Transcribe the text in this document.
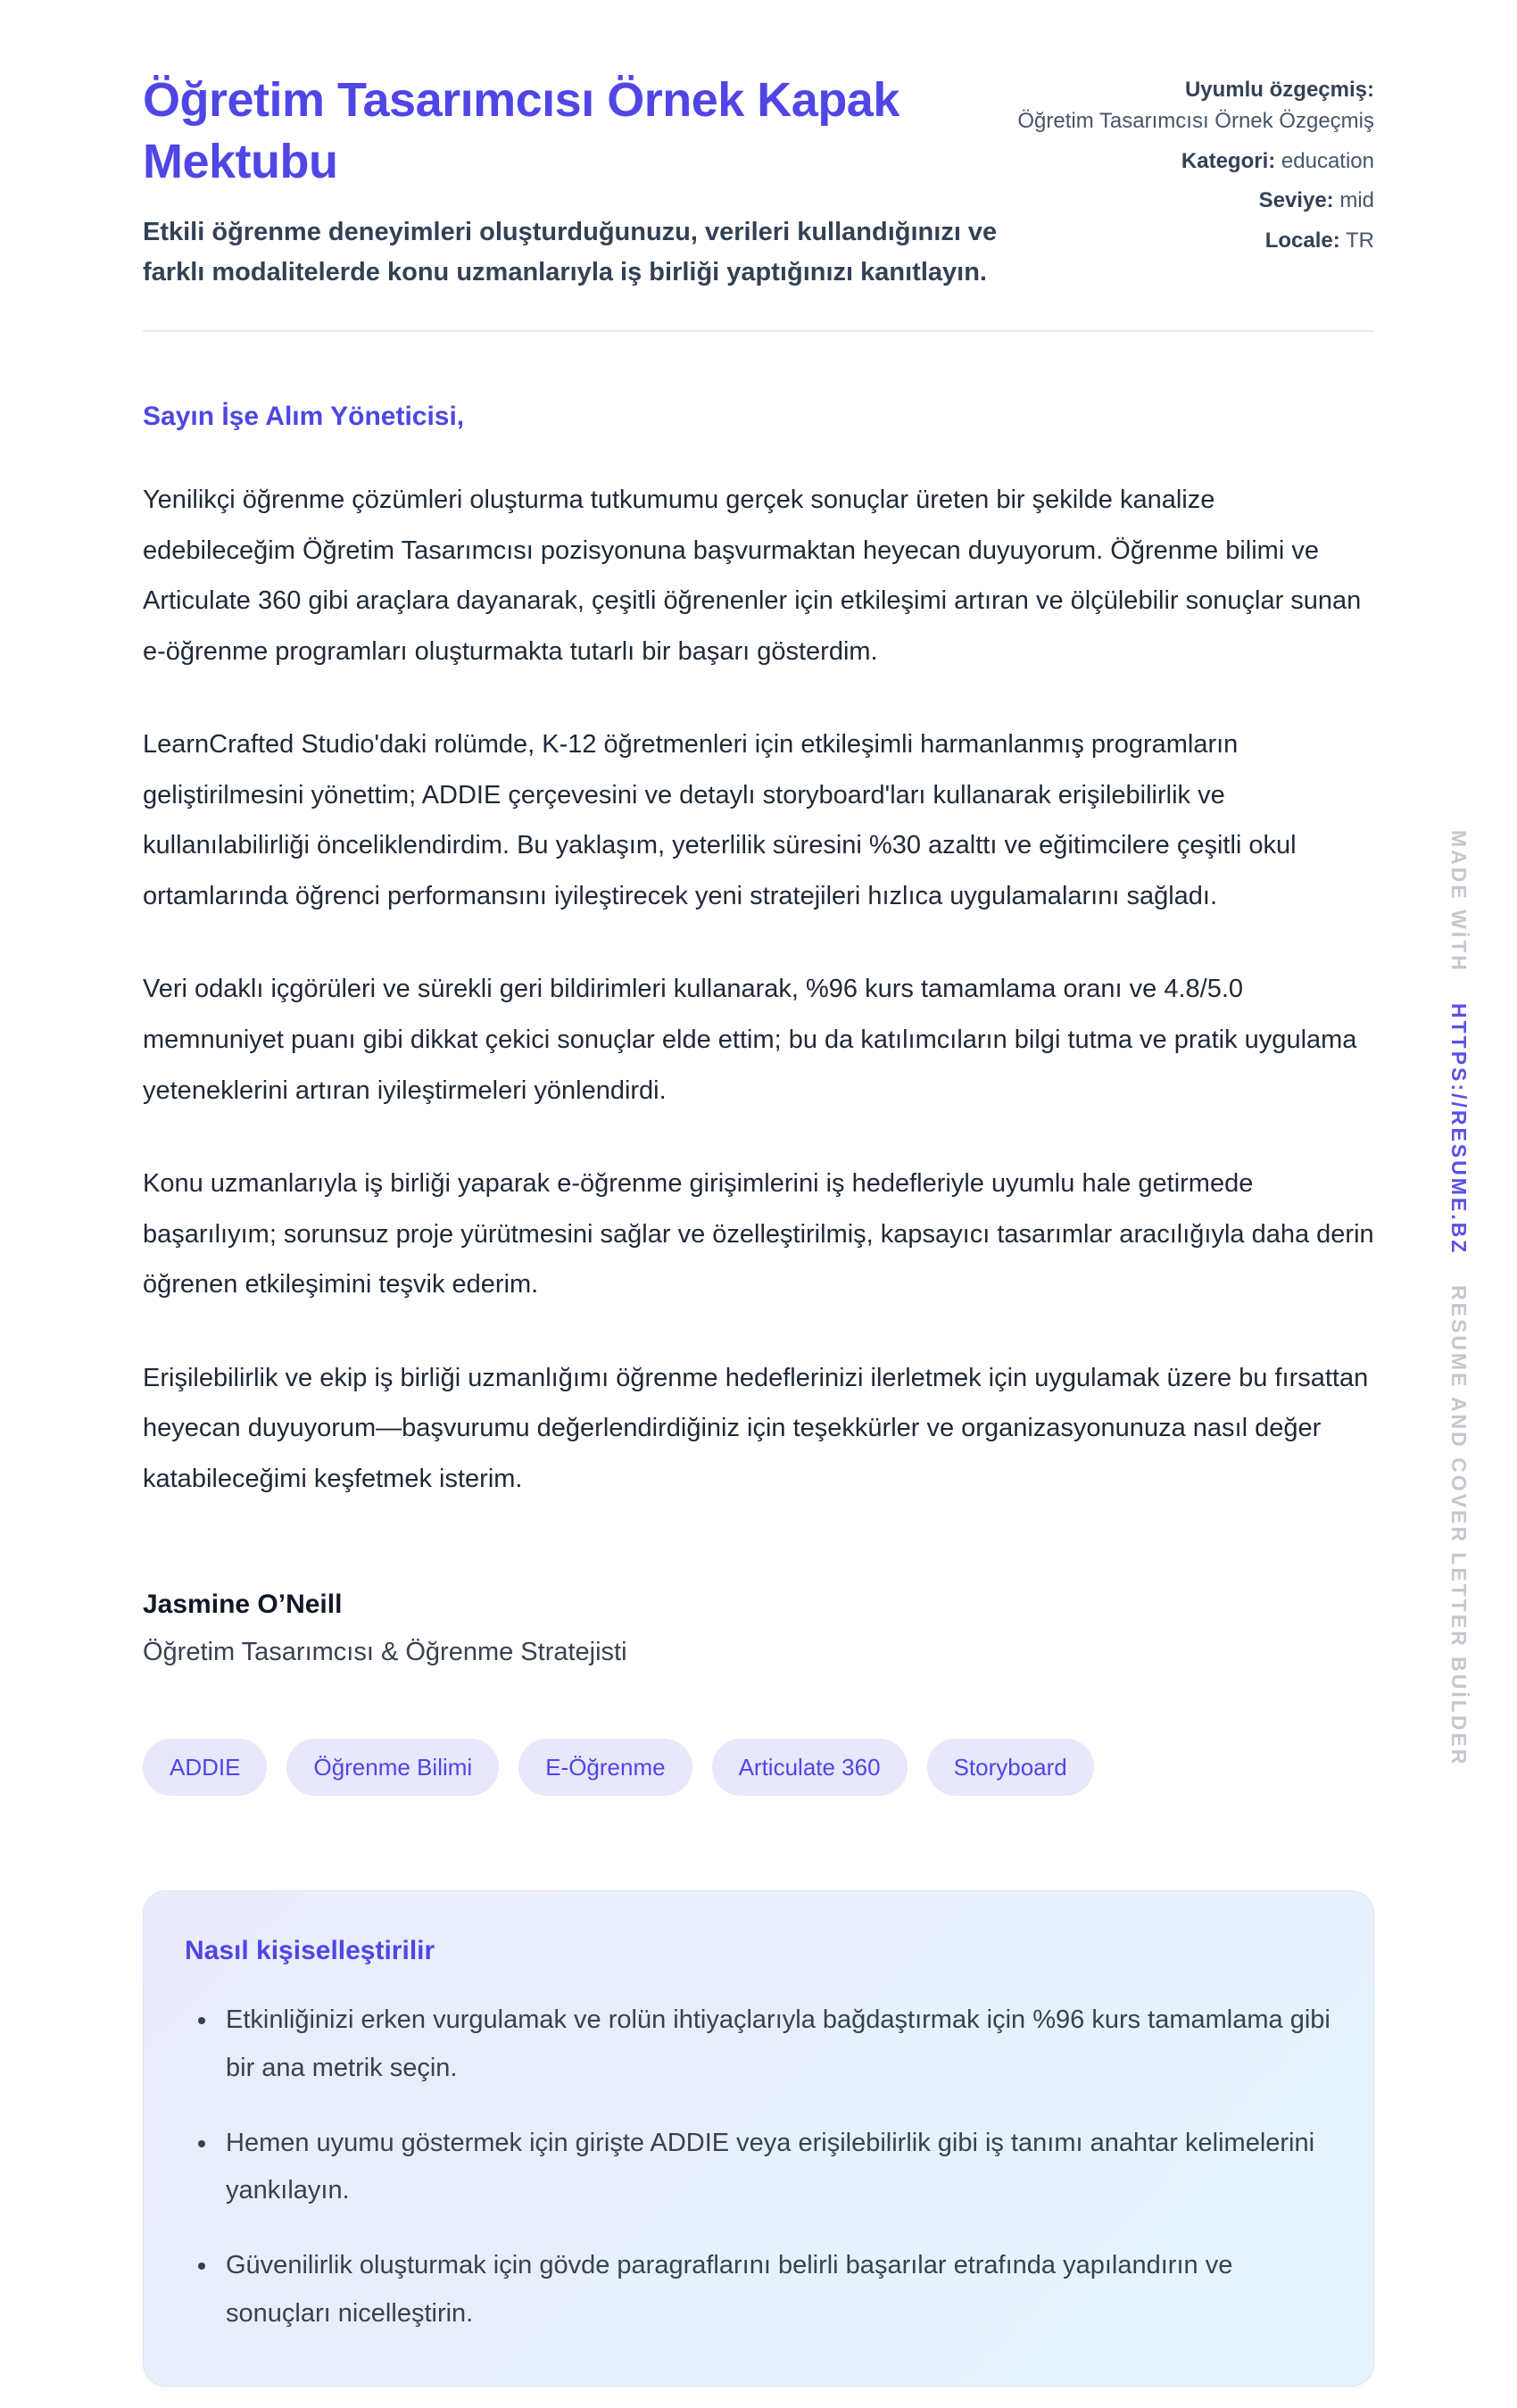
Öğretim Tasarımcısı Örnek Kapak Mektubu
Etkili öğrenme deneyimleri oluşturduğunuzu, verileri kullandığınızı ve farklı modalitelerde konu uzmanlarıyla iş birliği yaptığınızı kanıtlayın.
Uyumlu özgeçmiş:
Öğretim Tasarımcısı Örnek Özgeçmiş
Kategori: education
Seviye: mid
Locale: TR
Sayın İşe Alım Yöneticisi,

Yenilikçi öğrenme çözümleri oluşturma tutkumumu gerçek sonuçlar üreten bir şekilde kanalize edebileceğim Öğretim Tasarımcısı pozisyonuna başvurmaktan heyecan duyuyorum. Öğrenme bilimi ve Articulate 360 gibi araçlara dayanarak, çeşitli öğrenenler için etkileşimi artıran ve ölçülebilir sonuçlar sunan e-öğrenme programları oluşturmakta tutarlı bir başarı gösterdim.

LearnCrafted Studio'daki rolümde, K-12 öğretmenleri için etkileşimli harmanlanmış programların geliştirilmesini yönettim; ADDIE çerçevesini ve detaylı storyboard'ları kullanarak erişilebilirlik ve kullanılabilirliği önceliklendirdim. Bu yaklaşım, yeterlilik süresini %30 azalttı ve eğitimcilere çeşitli okul ortamlarında öğrenci performansını iyileştirecek yeni stratejileri hızlıca uygulamalarını sağladı.

Veri odaklı içgörüleri ve sürekli geri bildirimleri kullanarak, %96 kurs tamamlama oranı ve 4.8/5.0 memnuniyet puanı gibi dikkat çekici sonuçlar elde ettim; bu da katılımcıların bilgi tutma ve pratik uygulama yeteneklerini artıran iyileştirmeleri yönlendirdi.

Konu uzmanlarıyla iş birliği yaparak e-öğrenme girişimlerini iş hedefleriyle uyumlu hale getirmede başarılıyım; sorunsuz proje yürütmesini sağlar ve özelleştirilmiş, kapsayıcı tasarımlar aracılığıyla daha derin öğrenen etkileşimini teşvik ederim.

Erişilebilirlik ve ekip iş birliği uzmanlığımı öğrenme hedeflerinizi ilerletmek için uygulamak üzere bu fırsattan heyecan duyuyorum—başvurumu değerlendirdiğiniz için teşekkürler ve organizasyonunuza nasıl değer katabileceğimi keşfetmek isterim.

Jasmine O’Neill
Öğretim Tasarımcısı & Öğrenme Stratejisti
ADDIE	Öğrenme Bilimi	E-Öğrenme	Articulate 360	Storyboard
Nasıl kişiselleştirilir
• Etkinliğinizi erken vurgulamak ve rolün ihtiyaçlarıyla bağdaştırmak için %96 kurs tamamlama gibi bir ana metrik seçin.
• Hemen uyumu göstermek için girişte ADDIE veya erişilebilirlik gibi iş tanımı anahtar kelimelerini yankılayın.
• Güvenilirlik oluşturmak için gövde paragraflarını belirli başarılar etrafında yapılandırın ve sonuçları nicelleştirin.
MADE WİTH
HTTPS://RESUME.BZ
RESUME AND COVER LETTER BUİLDER
